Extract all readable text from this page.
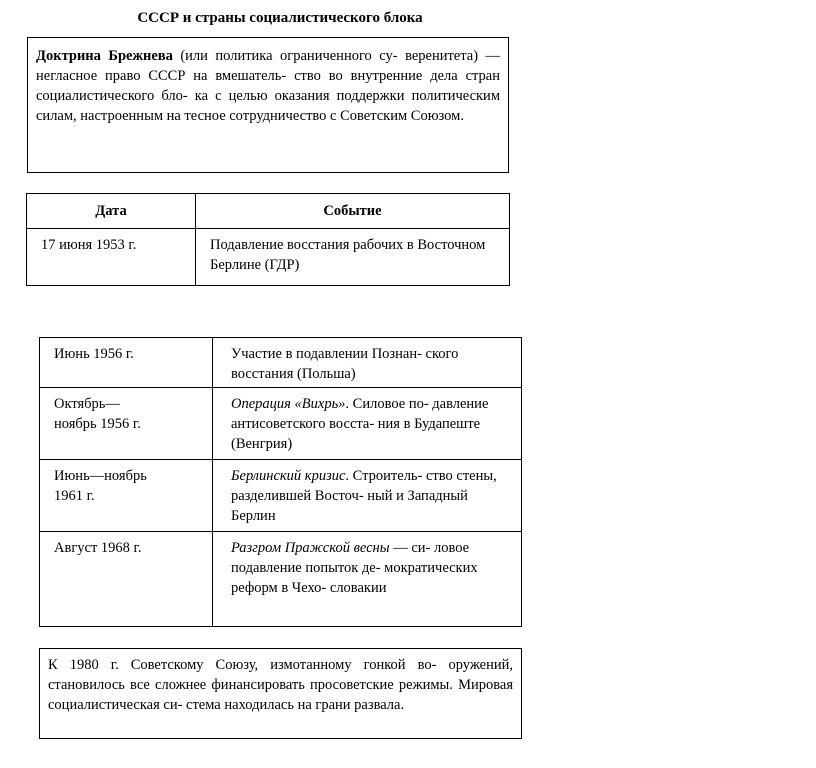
СССР и страны социалистического блока
Доктрина Брежнева (или политика ограниченного су- веренитета) — негласное право СССР на вмешатель- ство во внутренние дела стран социалистического бло- ка с целью оказания поддержки политическим силам, настроенным на тесное сотрудничество с Советским Союзом.
Дата	Событие
17 июня 1953 г.	Подавление восстания рабочих в Восточном Берлине (ГДР)
Июнь 1956 г.	Участие в подавлении Познан- ского восстания (Польша)

Октябрь— ноябрь 1956 г.	Операция «Вихрь». Силовое по- давление антисоветского восста- ния в Будапеште (Венгрия)

Июнь—ноябрь 1961 г.	Берлинский кризис. Строитель- ство стены, разделившей Восточ- ный и Западный Берлин
Август 1968 г.	Разгром Пражской весны — си- ловое подавление попыток де- мократических реформ в Чехо- словакии
К 1980 г. Советскому Союзу, измотанному гонкой во- оружений, становилось все сложнее финансировать просоветские режимы. Мировая социалистическая си- стема находилась на грани развала.
